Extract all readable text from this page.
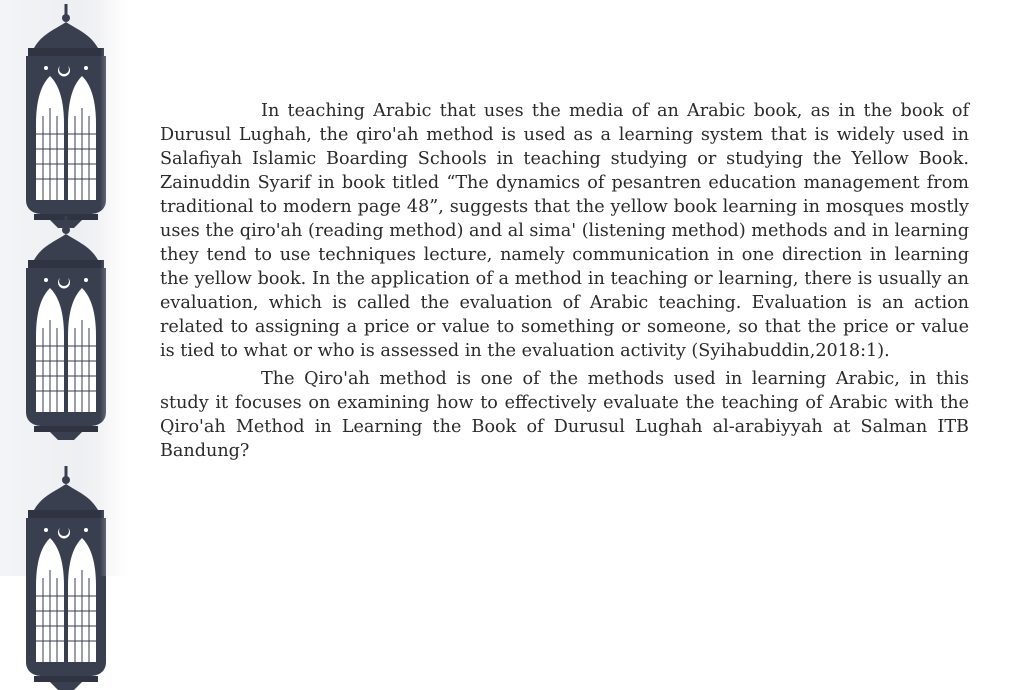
In teaching Arabic that uses the media of an Arabic book, as in the book of Durusul Lughah, the qiro'ah method is used as a learning system that is widely used in Salafiyah Islamic Boarding Schools in teaching studying or studying the Yellow Book. Zainuddin Syarif in book titled “The dynamics of pesantren education management from traditional to modern page 48”, suggests that the yellow book learning in mosques mostly uses the qiro'ah (reading method) and al sima' (listening method) methods and in learning they tend to use techniques lecture, namely communication in one direction in learning the yellow book. In the application of a method in teaching or learning, there is usually an evaluation, which is called the evaluation of Arabic teaching. Evaluation is an action related to assigning a price or value to something or someone, so that the price or value is tied to what or who is assessed in the evaluation activity (Syihabuddin,2018:1).

The Qiro'ah method is one of the methods used in learning Arabic, in this study it focuses on examining how to effectively evaluate the teaching of Arabic with the Qiro'ah Method in Learning the Book of Durusul Lughah al-arabiyyah at Salman ITB Bandung?
